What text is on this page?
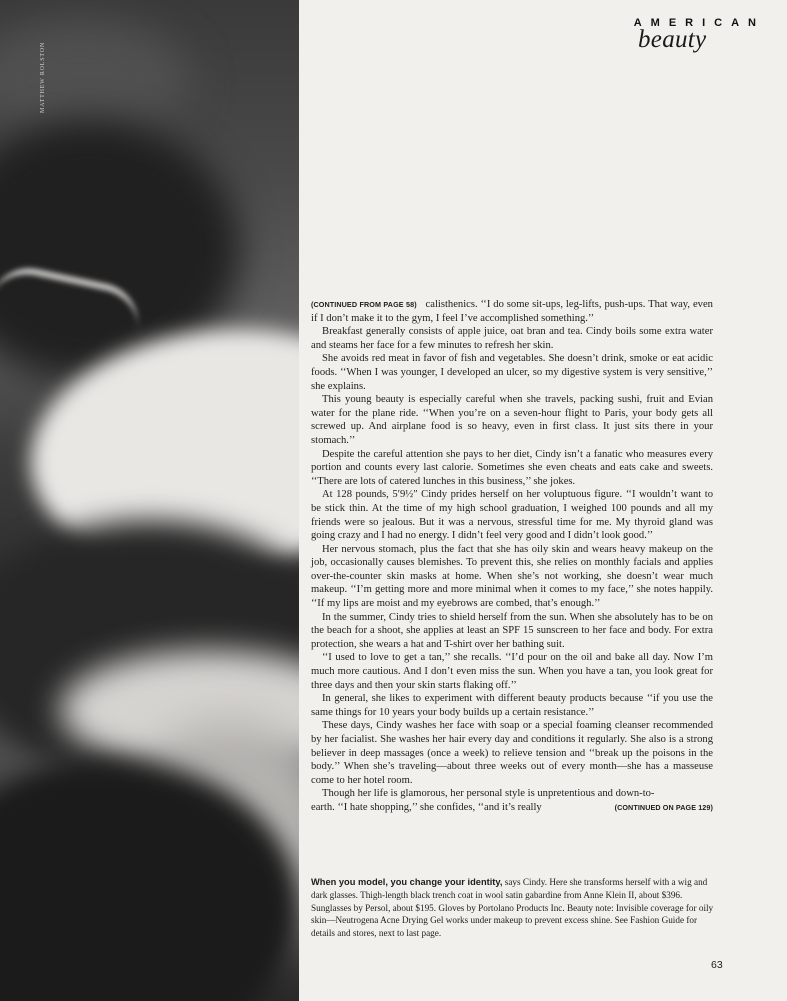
MATTHEW ROLSTON
AMERICAN
beauty

(CONTINUED FROM PAGE 58) calisthenics. ‘‘I do some sit-ups, leg-lifts, push-ups. That way, even if I don’t make it to the gym, I feel I’ve accomplished something.’’

Breakfast generally consists of apple juice, oat bran and tea. Cindy boils some extra water and steams her face for a few minutes to refresh her skin.

She avoids red meat in favor of fish and vegetables. She doesn’t drink, smoke or eat acidic foods. ‘‘When I was younger, I developed an ulcer, so my digestive system is very sensitive,’’ she explains.

This young beauty is especially careful when she travels, packing sushi, fruit and Evian water for the plane ride. ‘‘When you’re on a seven-hour flight to Paris, your body gets all screwed up. And airplane food is so heavy, even in first class. It just sits there in your stomach.’’

Despite the careful attention she pays to her diet, Cindy isn’t a fanatic who measures every portion and counts every last calorie. Sometimes she even cheats and eats cake and sweets. ‘‘There are lots of catered lunches in this business,’’ she jokes.

At 128 pounds, 5′9½″ Cindy prides herself on her voluptuous figure. ‘‘I wouldn’t want to be stick thin. At the time of my high school graduation, I weighed 100 pounds and all my friends were so jealous. But it was a nervous, stressful time for me. My thyroid gland was going crazy and I had no energy. I didn’t feel very good and I didn’t look good.’’

Her nervous stomach, plus the fact that she has oily skin and wears heavy makeup on the job, occasionally causes blemishes. To prevent this, she relies on monthly facials and applies over-the-counter skin masks at home. When she’s not working, she doesn’t wear much makeup. ‘‘I’m getting more and more minimal when it comes to my face,’’ she notes happily. ‘‘If my lips are moist and my eyebrows are combed, that’s enough.’’

In the summer, Cindy tries to shield herself from the sun. When she absolutely has to be on the beach for a shoot, she applies at least an SPF 15 sunscreen to her face and body. For extra protection, she wears a hat and T-shirt over her bathing suit.

‘‘I used to love to get a tan,’’ she recalls. ‘‘I’d pour on the oil and bake all day. Now I’m much more cautious. And I don’t even miss the sun. When you have a tan, you look great for three days and then your skin starts flaking off.’’

In general, she likes to experiment with different beauty products because ‘‘if you use the same things for 10 years your body builds up a certain resistance.’’

These days, Cindy washes her face with soap or a special foaming cleanser recommended by her facialist. She washes her hair every day and conditions it regularly. She also is a strong believer in deep massages (once a week) to relieve tension and ‘‘break up the poisons in the body.’’ When she’s traveling—about three weeks out of every month—she has a masseuse come to her hotel room.

Though her life is glamorous, her personal style is unpretentious and down-to-

earth. ‘‘I hate shopping,’’ she confides, ‘‘and it’s really	(CONTINUED ON PAGE 129)
When you model, you change your identity, says Cindy. Here she transforms herself with a wig and dark glasses. Thigh-length black trench coat in wool satin gabardine from Anne Klein II, about $396. Sunglasses by Persol, about $195. Gloves by Portolano Products Inc. Beauty note: Invisible coverage for oily skin—Neutrogena Acne Drying Gel works under makeup to prevent excess shine. See Fashion Guide for details and stores, next to last page.
63
